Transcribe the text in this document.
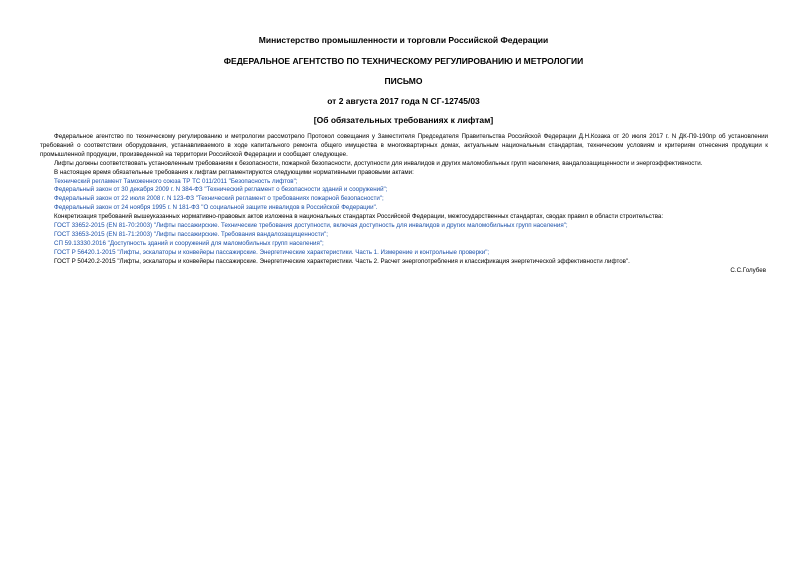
Министерство промышленности и торговли Российской Федерации
ФЕДЕРАЛЬНОЕ АГЕНТСТВО ПО ТЕХНИЧЕСКОМУ РЕГУЛИРОВАНИЮ И МЕТРОЛОГИИ
ПИСЬМО
от 2 августа 2017 года N СГ-12745/03
[Об обязательных требованиях к лифтам]

Федеральное агентство по техническому регулированию и метрологии рассмотрело Протокол совещания у Заместителя Председателя Правительства Российской Федерации Д.Н.Козака от 20 июля 2017 г. N ДК-П9-190пр об установлении требований о соответствии оборудования, устанавливаемого в ходе капитального ремонта общего имущества в многоквартирных домах, актуальным национальным стандартам, техническим условиям и критериям отнесения продукции к промышленной продукции, произведенной на территории Российской Федерации и сообщает следующее.

Лифты должны соответствовать установленным требованиям к безопасности, пожарной безопасности, доступности для инвалидов и других маломобильных групп населения, вандалозащищенности и энергоэффективности.

В настоящее время обязательные требования к лифтам регламентируются следующими нормативными правовыми актами:

Технический регламент Таможенного союза ТР ТС 011/2011 "Безопасность лифтов";

Федеральный закон от 30 декабря 2009 г. N 384-ФЗ "Технический регламент о безопасности зданий и сооружений";

Федеральный закон от 22 июля 2008 г. N 123-ФЗ "Технический регламент о требованиях пожарной безопасности";

Федеральный закон от 24 ноября 1995 г. N 181-ФЗ "О социальной защите инвалидов в Российской Федерации".

Конкретизация требований вышеуказанных нормативно-правовых актов изложена в национальных стандартах Российской Федерации, межгосударственных стандартах, сводах правил в области строительства:

ГОСТ 33652-2015 (EN 81-70:2003) "Лифты пассажирские. Технические требования доступности, включая доступность для инвалидов и других маломобильных групп населения";

ГОСТ 33653-2015 (EN 81-71:2003) "Лифты пассажирские. Требования вандалозащищенности";

СП 59.13330.2016 "Доступность зданий и сооружений для маломобильных групп населения";

ГОСТ Р 56420.1-2015 "Лифты, эскалаторы и конвейеры пассажирские. Энергетические характеристики. Часть 1. Измерение и контрольные проверки";

ГОСТ Р 50420.2-2015 "Лифты, эскалаторы и конвейеры пассажирские. Энергетические характеристики. Часть 2. Расчет энергопотребления и классификация энергетической эффективности лифтов".

С.С.Голубев
